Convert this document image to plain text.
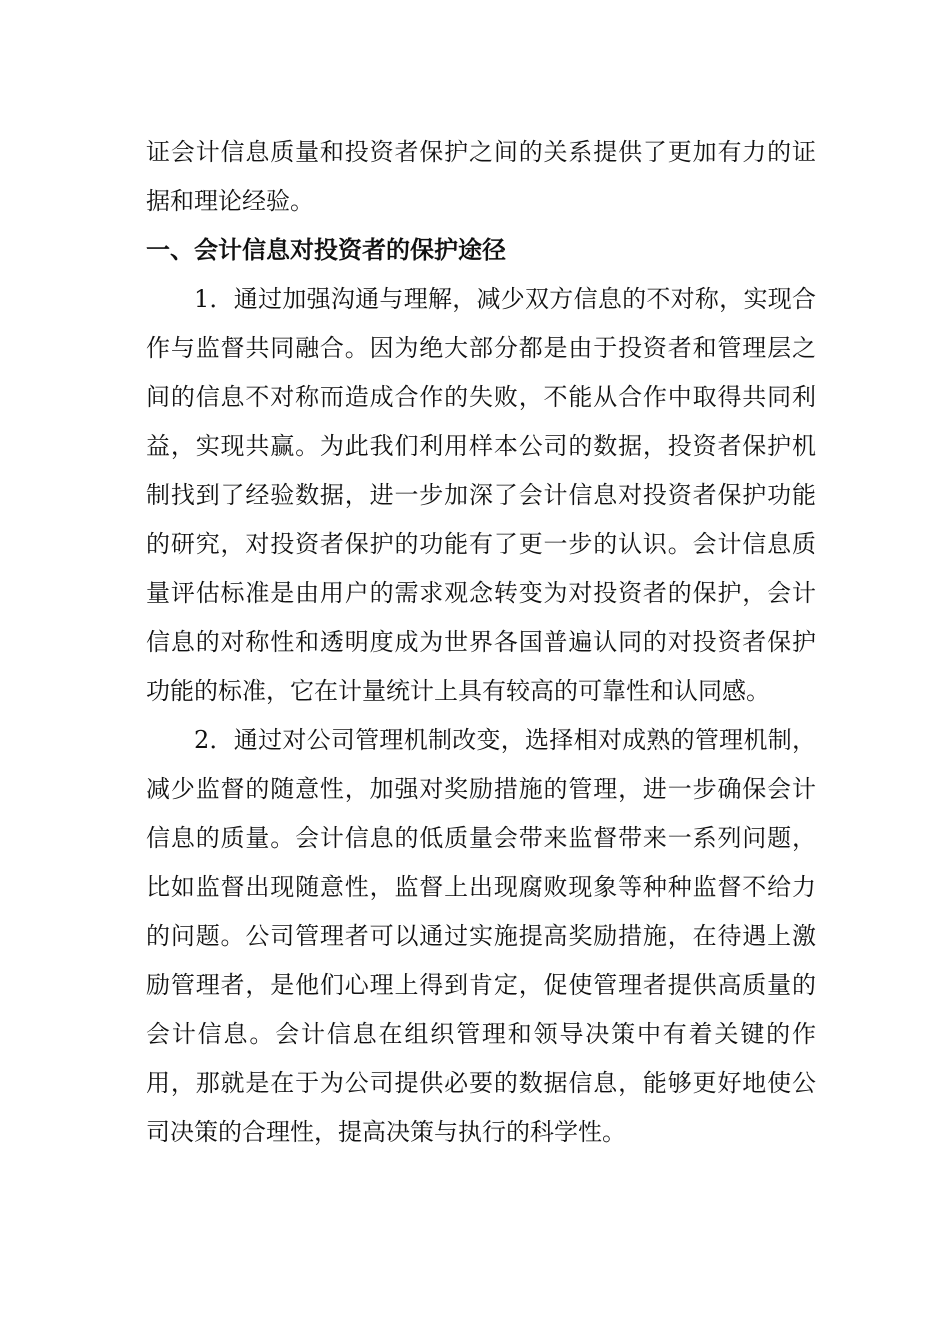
证会计信息质量和投资者保护之间的关系提供了更加有力的证据和理论经验。

一、会计信息对投资者的保护途径

1．通过加强沟通与理解，减少双方信息的不对称，实现合作与监督共同融合。因为绝大部分都是由于投资者和管理层之间的信息不对称而造成合作的失败，不能从合作中取得共同利益，实现共赢。为此我们利用样本公司的数据，投资者保护机制找到了经验数据，进一步加深了会计信息对投资者保护功能的研究，对投资者保护的功能有了更一步的认识。会计信息质量评估标准是由用户的需求观念转变为对投资者的保护，会计信息的对称性和透明度成为世界各国普遍认同的对投资者保护功能的标准，它在计量统计上具有较高的可靠性和认同感。

2．通过对公司管理机制改变，选择相对成熟的管理机制，减少监督的随意性，加强对奖励措施的管理，进一步确保会计信息的质量。会计信息的低质量会带来监督带来一系列问题，比如监督出现随意性，监督上出现腐败现象等种种监督不给力的问题。公司管理者可以通过实施提高奖励措施，在待遇上激励管理者，是他们心理上得到肯定，促使管理者提供高质量的会计信息。会计信息在组织管理和领导决策中有着关键的作用，那就是在于为公司提供必要的数据信息，能够更好地使公司决策的合理性，提高决策与执行的科学性。
